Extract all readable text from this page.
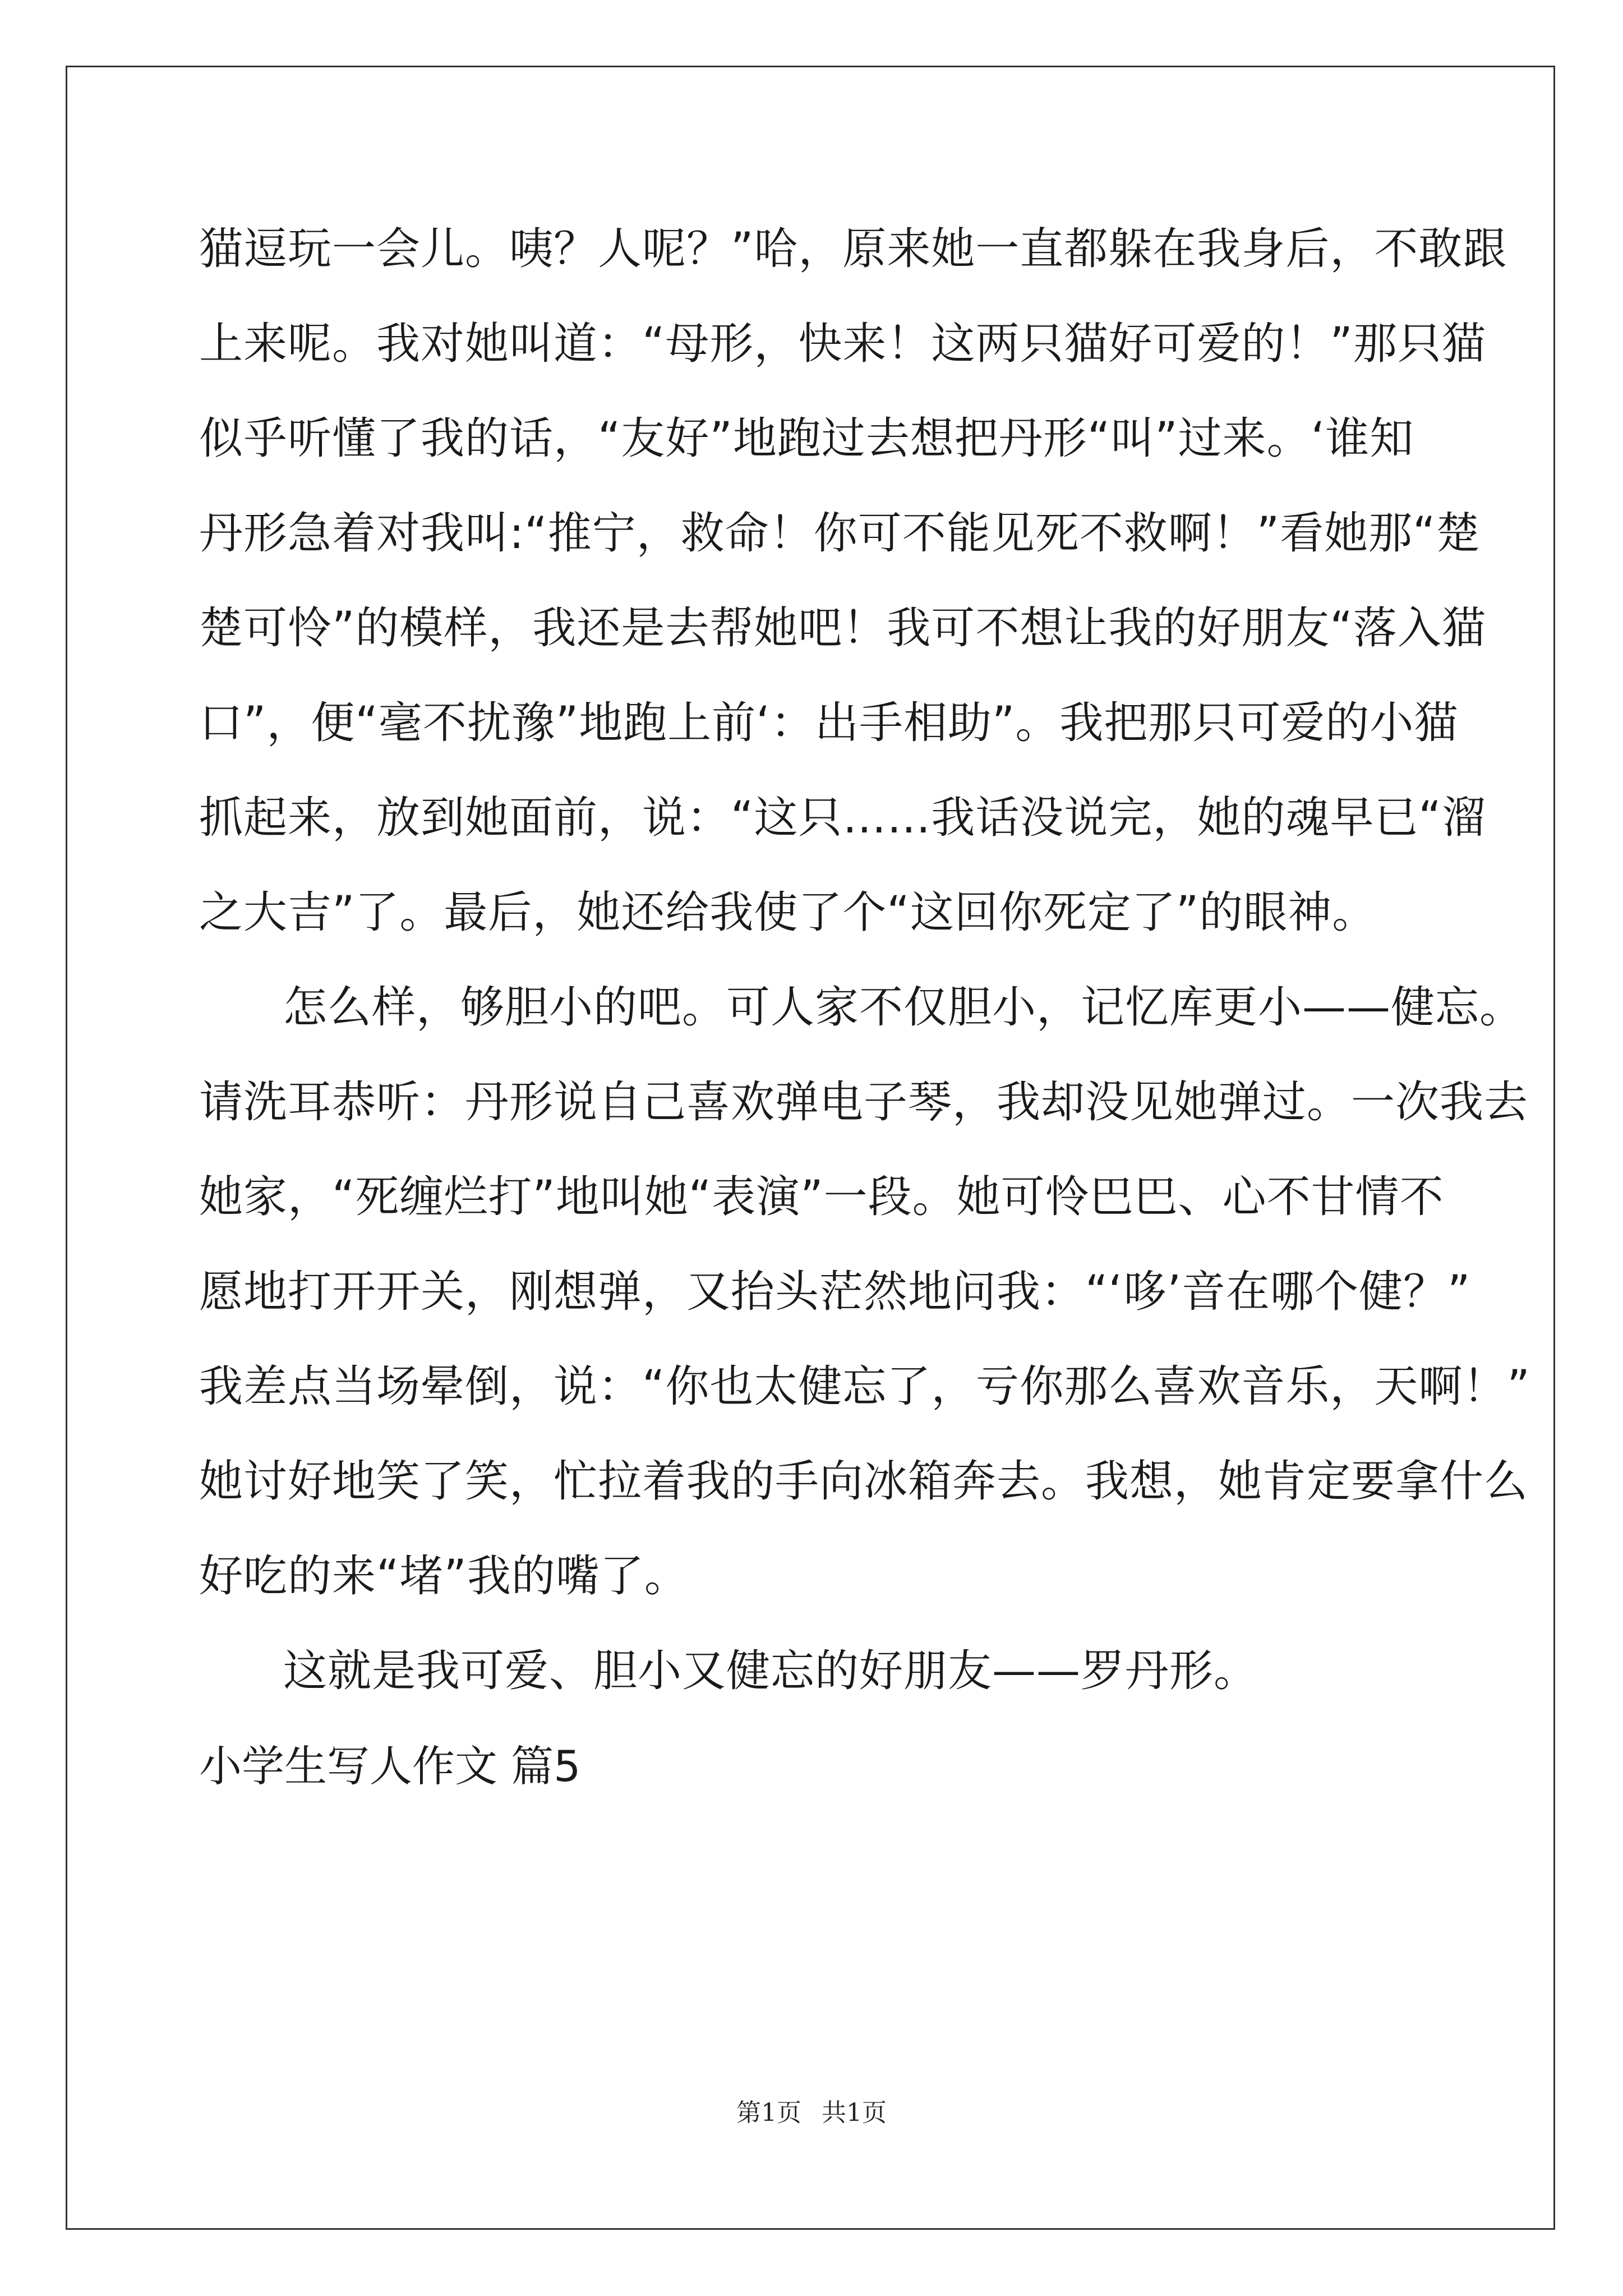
猫逗玩一会儿。咦？人呢？”哈，原来她一直都躲在我身后，不敢跟
上来呢。我对她叫道：“母形，快来！这两只猫好可爱的！”那只猫
似乎听懂了我的话，“友好”地跑过去想把丹形“叫”过来。‘谁知
丹形急着对我叫:“推宁，救命！你可不能见死不救啊！”看她那“楚
楚可怜”的模样，我还是去帮她吧！我可不想让我的好朋友“落入猫
口”，便“毫不扰豫”地跑上前‘：出手相助”。我把那只可爱的小猫
抓起来，放到她面前，说：“这只……我话没说完，她的魂早已“溜
之大吉”了。最后，她还给我使了个“这回你死定了”的眼神。
怎么样，够胆小的吧。可人家不仅胆小，记忆库更小——健忘。
请洗耳恭听：丹形说自己喜欢弹电子琴，我却没见她弹过。一次我去
她家，“死缠烂打”地叫她“表演”一段。她可怜巴巴、心不甘情不
愿地打开开关，刚想弹，又抬头茫然地问我：“‘哆’音在哪个健？”
我差点当场晕倒，说：“你也太健忘了，亏你那么喜欢音乐，天啊！”
她讨好地笑了笑，忙拉着我的手向冰箱奔去。我想，她肯定要拿什么
好吃的来“堵”我的嘴了。
这就是我可爱、胆小又健忘的好朋友——罗丹形。
小学生写人作文 篇5
第1页 共1页
